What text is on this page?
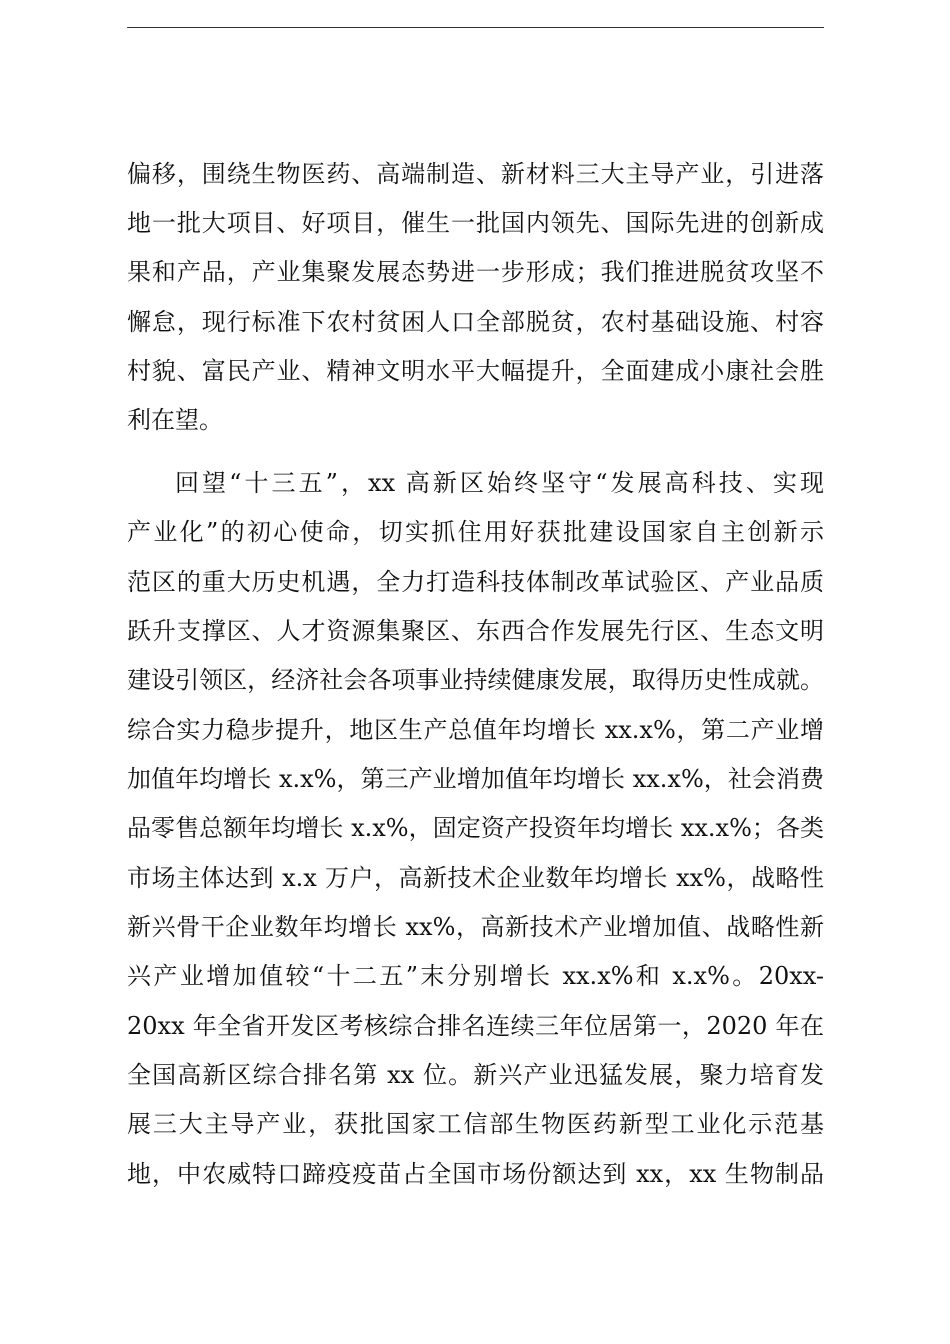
偏移，围绕生物医药、高端制造、新材料三大主导产业，引进落
地一批大项目、好项目，催生一批国内领先、国际先进的创新成
果和产品，产业集聚发展态势进一步形成；我们推进脱贫攻坚不
懈怠，现行标准下农村贫困人口全部脱贫，农村基础设施、村容
村貌、富民产业、精神文明水平大幅提升，全面建成小康社会胜
利在望。
回望“十三五”，xx 高新区始终坚守“发展高科技、实现
产业化”的初心使命，切实抓住用好获批建设国家自主创新示
范区的重大历史机遇，全力打造科技体制改革试验区、产业品质
跃升支撑区、人才资源集聚区、东西合作发展先行区、生态文明
建设引领区，经济社会各项事业持续健康发展，取得历史性成就。
综合实力稳步提升，地区生产总值年均增长 xx.x%，第二产业增
加值年均增长 x.x%，第三产业增加值年均增长 xx.x%，社会消费
品零售总额年均增长 x.x%，固定资产投资年均增长 xx.x%；各类
市场主体达到 x.x 万户，高新技术企业数年均增长 xx%，战略性
新兴骨干企业数年均增长 xx%，高新技术产业增加值、战略性新
兴产业增加值较“十二五”末分别增长 xx.x%和 x.x%。20xx-
20xx 年全省开发区考核综合排名连续三年位居第一，2020 年在
全国高新区综合排名第 xx 位。新兴产业迅猛发展，聚力培育发
展三大主导产业，获批国家工信部生物医药新型工业化示范基
地，中农威特口蹄疫疫苗占全国市场份额达到 xx，xx 生物制品
